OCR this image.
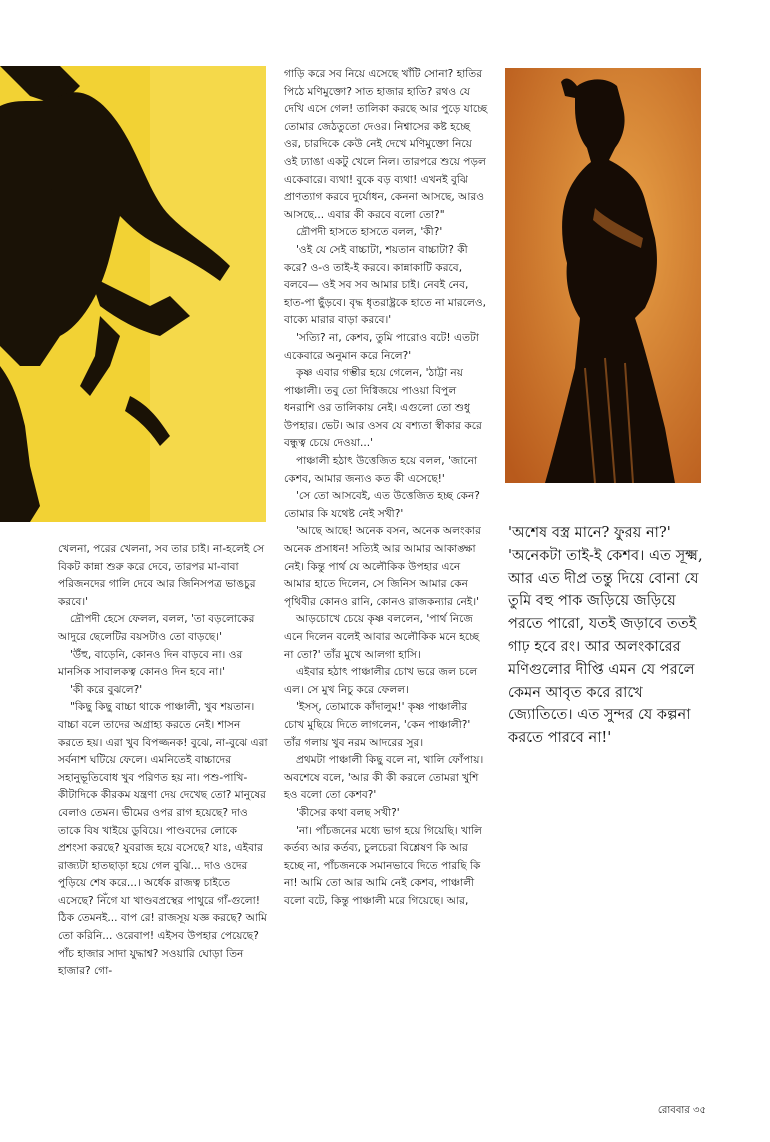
খেলনা, পরের খেলনা, সব তার চাই। না-হলেই সে বিকট কান্না শুরু করে দেবে, তারপর মা-বাবা পরিজনদের গালি দেবে আর জিনিসপত্র ভাঙচুর করবে।'

দ্রৌপদী হেসে ফেলল, বলল, 'তা বড়লোকের আদুরে ছেলেটির বয়সটাও তো বাড়ছে।'

'উঁহু, বাড়েনি, কোনও দিন বাড়বে না। ওর মানসিক সাবালকত্ব কোনও দিন হবে না।'

'কী করে বুঝলে?'

"কিছু কিছু বাচ্চা থাকে পাঞ্চালী, খুব শয়তান। বাচ্চা বলে তাদের অগ্রাহ্য করতে নেই। শাসন করতে হয়। এরা খুব বিপজ্জনক! বুঝে, না-বুঝে এরা সর্বনাশ ঘটিয়ে ফেলে। এমনিতেই বাচ্চাদের সহানুভূতিবোধ খুব পরিণত হয় না। পশু-পাখি-কীটাদিকে কীরকম যন্ত্রণা দেয় দেখেছ তো? মানুষের বেলাও তেমন। ভীমের ওপর রাগ হয়েছে? দাও তাকে বিষ খাইয়ে ডুবিয়ে। পাণ্ডবদের লোকে প্রশংসা করছে? যুবরাজ হয়ে বসেছে? যাঃ, এইবার রাজ্যটা হাতছাড়া হয়ে গেল বুঝি... দাও ওদের পুড়িয়ে শেষ করে...। অর্ধেক রাজত্ব চাইতে এসেছে? নিঁগে যা খাণ্ডবপ্রস্থের পাথুরে গাঁ-গুলো! ঠিক তেমনই... বাপ রে! রাজসূয় যজ্ঞ করছে? আমি তো করিনি... ওরেবাপ! এইসব উপহার পেয়েছে? পাঁচ হাজার সাদা যুদ্ধাশ্ব? সওয়ারি ঘোড়া তিন হাজার? গো-

গাড়ি করে সব নিয়ে এসেছে খাঁটি সোনা? হাতির পিঠে মণিমুক্তো? সাত হাজার হাতি? রথও যে দেখি এসে গেল! তালিকা করছে আর পুড়ে যাচ্ছে তোমার জেঠতুতো দেওর। নিশ্বাসের কষ্ট হচ্ছে ওর, চারদিকে কেউ নেই দেখে মণিমুক্তো নিয়ে ওই ঢ্যাঙা একটু খেলে নিল। তারপরে শুয়ে পড়ল একেবারে। ব্যথা! বুকে বড় ব্যথা! এখনই বুঝি প্রাণত্যাগ করবে দুর্যোধন, কেননা আসছে, আরও আসছে... এবার কী করবে বলো তো?"

দ্রৌপদী হাসতে হাসতে বলল, 'কী?'

'ওই যে সেই বাচ্চাটা, শয়তান বাচ্চাটা? কী করে? ও-ও তাই-ই করবে। কান্নাকাটি করবে, বলবে— ওই সব সব আমার চাই। নেবই নেব, হাত-পা ছুঁড়বে। বৃদ্ধ ধৃতরাষ্ট্রকে হাতে না মারলেও, বাক্যে মারার বাড়া করবে।'

'সত্যি? না, কেশব, তুমি পারোও বটে! এতটা একেবারে অনুমান করে নিলে?'

কৃষ্ণ এবার গম্ভীর হয়ে গেলেন, 'ঠাট্টা নয় পাঞ্চালী। তবু তো দিগ্বিজয়ে পাওয়া বিপুল ধনরাশি ওর তালিকায় নেই। এগুলো তো শুধু উপহার। ভেট। আর ওসব যে বশ্যতা স্বীকার করে বন্ধুত্ব চেয়ে দেওয়া...'

পাঞ্চালী হঠাৎ উত্তেজিত হয়ে বলল, 'জানো কেশব, আমার জন্যও কত কী এসেছে!'

'সে তো আসবেই, এত উত্তেজিত হচ্ছ কেন? তোমার কি যথেষ্ট নেই সখী?'

'আছে আছে! অনেক বসন, অনেক অলংকার অনেক প্রসাধন! সত্যিই আর আমার আকাঙ্ক্ষা নেই। কিন্তু পার্থ যে অলৌকিক উপহার এনে আমার হাতে দিলেন, সে জিনিস আমার কেন পৃথিবীর কোনও রানি, কোনও রাজকন্যার নেই।'

আড়চোখে চেয়ে কৃষ্ণ বললেন, 'পার্থ নিজে এনে দিলেন বলেই আবার অলৌকিক মনে হচ্ছে না তো?' তাঁর মুখে আলগা হাসি।

এইবার হঠাৎ পাঞ্চালীর চোখ ভরে জল চলে এল। সে মুখ নিচু করে ফেলল।

'ইসস্, তোমাকে কাঁদালুম!' কৃষ্ণ পাঞ্চালীর চোখ মুছিয়ে দিতে লাগলেন, 'কেন পাঞ্চালী?' তাঁর গলায় খুব নরম আদরের সুর।

প্রথমটা পাঞ্চালী কিছু বলে না, খালি ফোঁপায়। অবশেষে বলে, 'আর কী কী করলে তোমরা খুশি হও বলো তো কেশব?'

'কীসের কথা বলছ সখী?'

'না। পাঁচজনের মধ্যে ভাগ হয়ে গিয়েছি। খালি কর্তব্য আর কর্তব্য, চুলচেরা বিশ্লেষণ কি আর হচ্ছে না, পাঁচজনকে সমানভাবে দিতে পারছি কি না! আমি তো আর আমি নেই কেশব, পাঞ্চালী বলো বটে, কিন্তু পাঞ্চালী মরে গিয়েছে। আর,

'অশেষ বস্ত্র মানে? ফুরয় না?'

'অনেকটা তাই-ই কেশব। এত সূক্ষ্ম, আর এত দীপ্র তন্তু দিয়ে বোনা যে তুমি বহু পাক জড়িয়ে জড়িয়ে পরতে পারো, যতই জড়াবে ততই গাঢ় হবে রং। আর অলংকারের মণিগুলোর দীপ্তি এমন যে পরলে কেমন আবৃত করে রাখে জ্যোতিতে। এত সুন্দর যে কল্পনা করতে পারবে না!'

রোববার ৩৫
